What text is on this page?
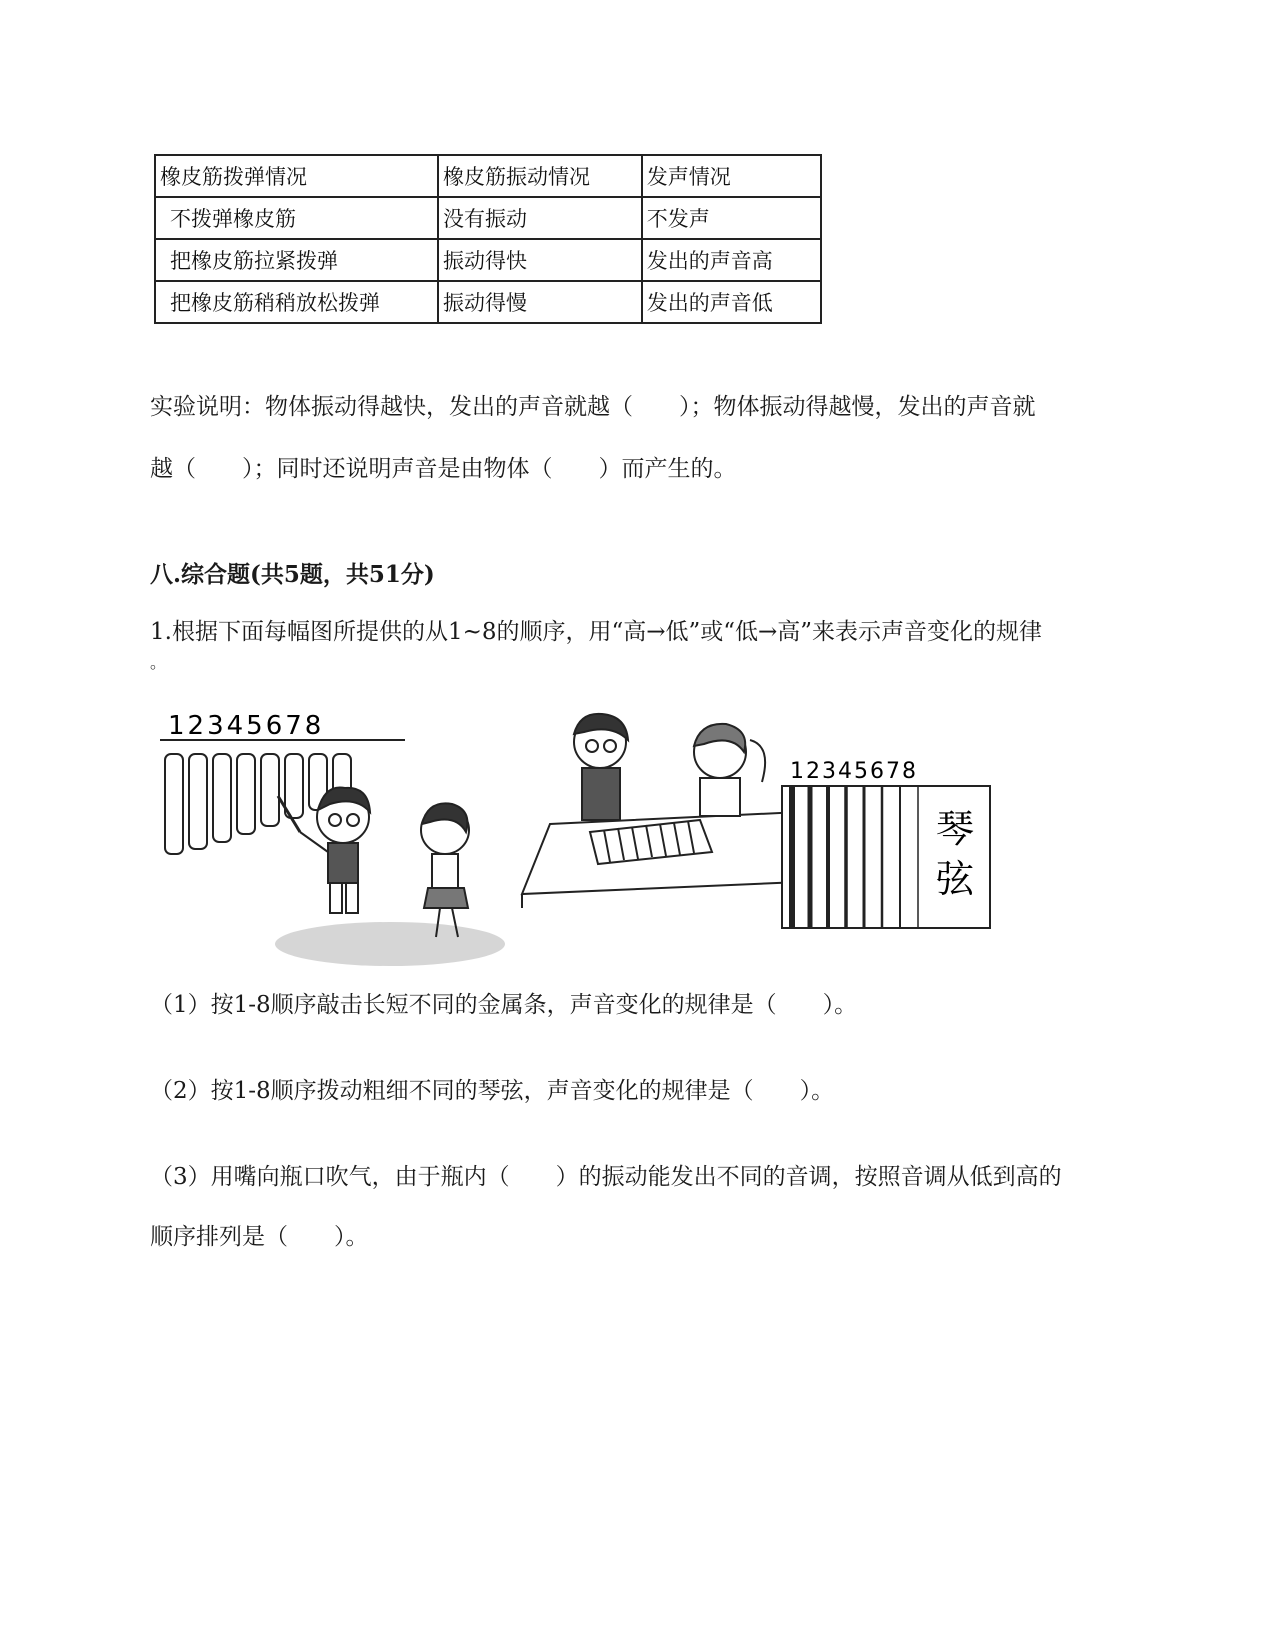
橡皮筋拨弹情况	橡皮筋振动情况	发声情况
不拨弹橡皮筋	没有振动	不发声
把橡皮筋拉紧拨弹	振动得快	发出的声音高
把橡皮筋稍稍放松拨弹	振动得慢	发出的声音低
实验说明：物体振动得越快，发出的声音就越（　　）；物体振动得越慢，发出的声音就
越（　　）；同时还说明声音是由物体（　　）而产生的。
八.综合题(共5题，共51分)
1.根据下面每幅图所提供的从1~8的顺序，用“高→低”或“低→高”来表示声音变化的规律
。
12345678
12345678
琴
弦
（1）按1-8顺序敲击长短不同的金属条，声音变化的规律是（　　）。
（2）按1-8顺序拨动粗细不同的琴弦，声音变化的规律是（　　）。
（3）用嘴向瓶口吹气，由于瓶内（　　）的振动能发出不同的音调，按照音调从低到高的
顺序排列是（　　）。
